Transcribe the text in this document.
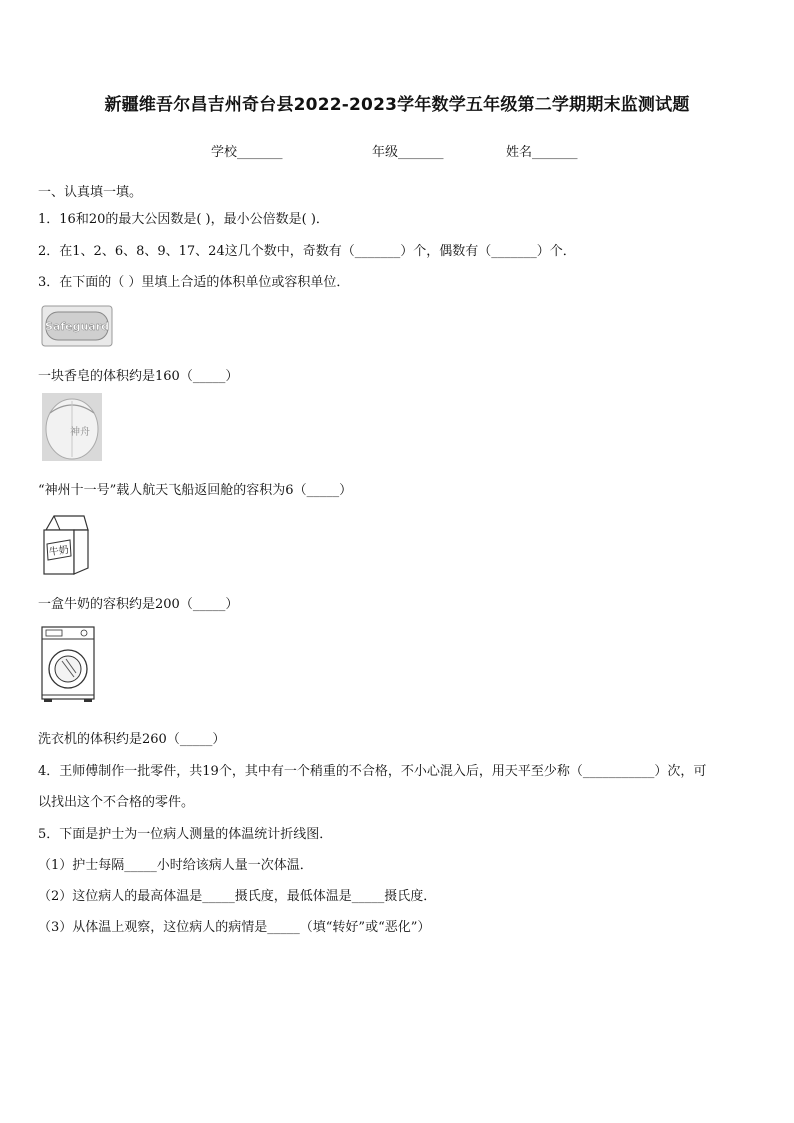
新疆维吾尔昌吉州奇台县2022-2023学年数学五年级第二学期期末监测试题
学校_______	年级_______	姓名_______
一、认真填一填。
1．16和20的最大公因数是( )，最小公倍数是( )．
2．在1、2、6、8、9、17、24这几个数中，奇数有（_______）个，偶数有（_______）个．
3．在下面的（ ）里填上合适的体积单位或容积单位．
Safeguard
一块香皂的体积约是160（_____）
神舟
“神州十一号”载人航天飞船返回舱的容积为6（_____）
牛奶
一盒牛奶的容积约是200（_____）
洗衣机的体积约是260（_____）
4．王师傅制作一批零件，共19个，其中有一个稍重的不合格，不小心混入后，用天平至少称（___________）次，可
以找出这个不合格的零件。
5．下面是护士为一位病人测量的体温统计折线图．
（1）护士每隔_____小时给该病人量一次体温．
（2）这位病人的最高体温是_____摄氏度，最低体温是_____摄氏度．
（3）从体温上观察，这位病人的病情是_____（填“转好”或“恶化”）
